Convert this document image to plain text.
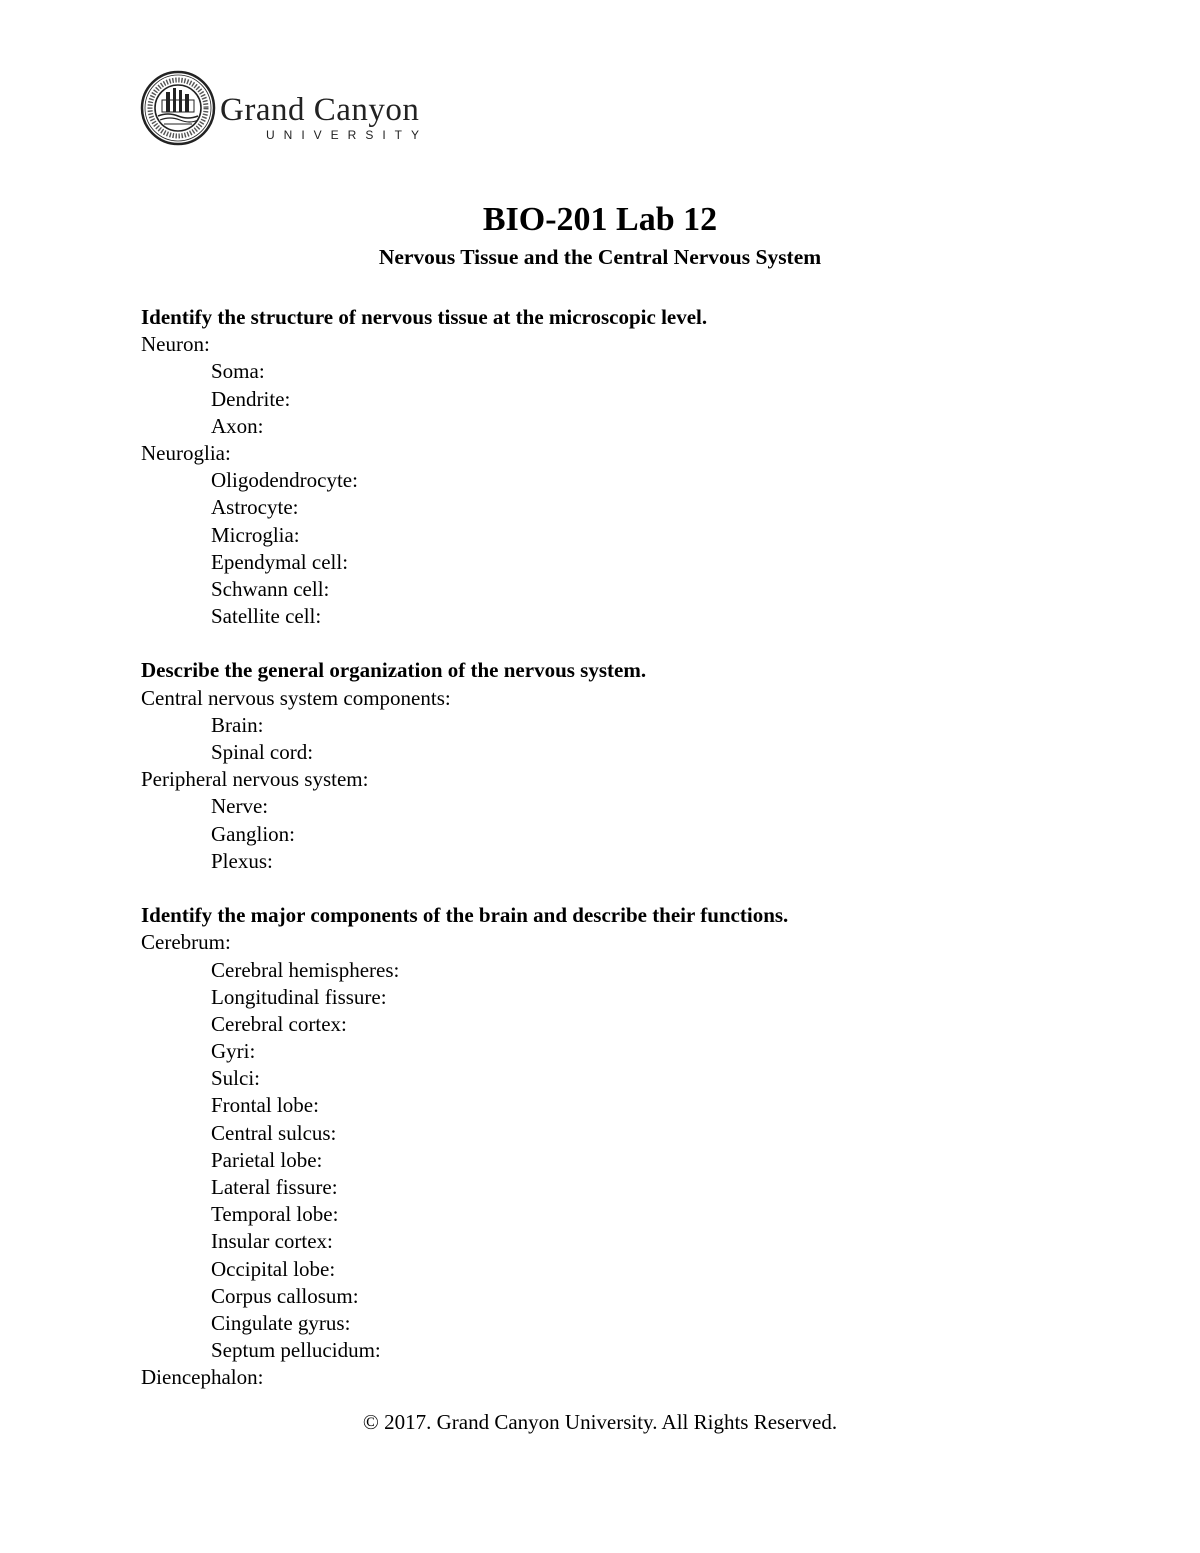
Grand Canyon
UNIVERSITY
BIO-201 Lab 12
Nervous Tissue and the Central Nervous System
Identify the structure of nervous tissue at the microscopic level.
Neuron:
Soma:
Dendrite:
Axon:
Neuroglia:
Oligodendrocyte:
Astrocyte:
Microglia:
Ependymal cell:
Schwann cell:
Satellite cell:
Describe the general organization of the nervous system.
Central nervous system components:
Brain:
Spinal cord:
Peripheral nervous system:
Nerve:
Ganglion:
Plexus:
Identify the major components of the brain and describe their functions.
Cerebrum:
Cerebral hemispheres:
Longitudinal fissure:
Cerebral cortex:
Gyri:
Sulci:
Frontal lobe:
Central sulcus:
Parietal lobe:
Lateral fissure:
Temporal lobe:
Insular cortex:
Occipital lobe:
Corpus callosum:
Cingulate gyrus:
Septum pellucidum:
Diencephalon:
© 2017. Grand Canyon University. All Rights Reserved.
